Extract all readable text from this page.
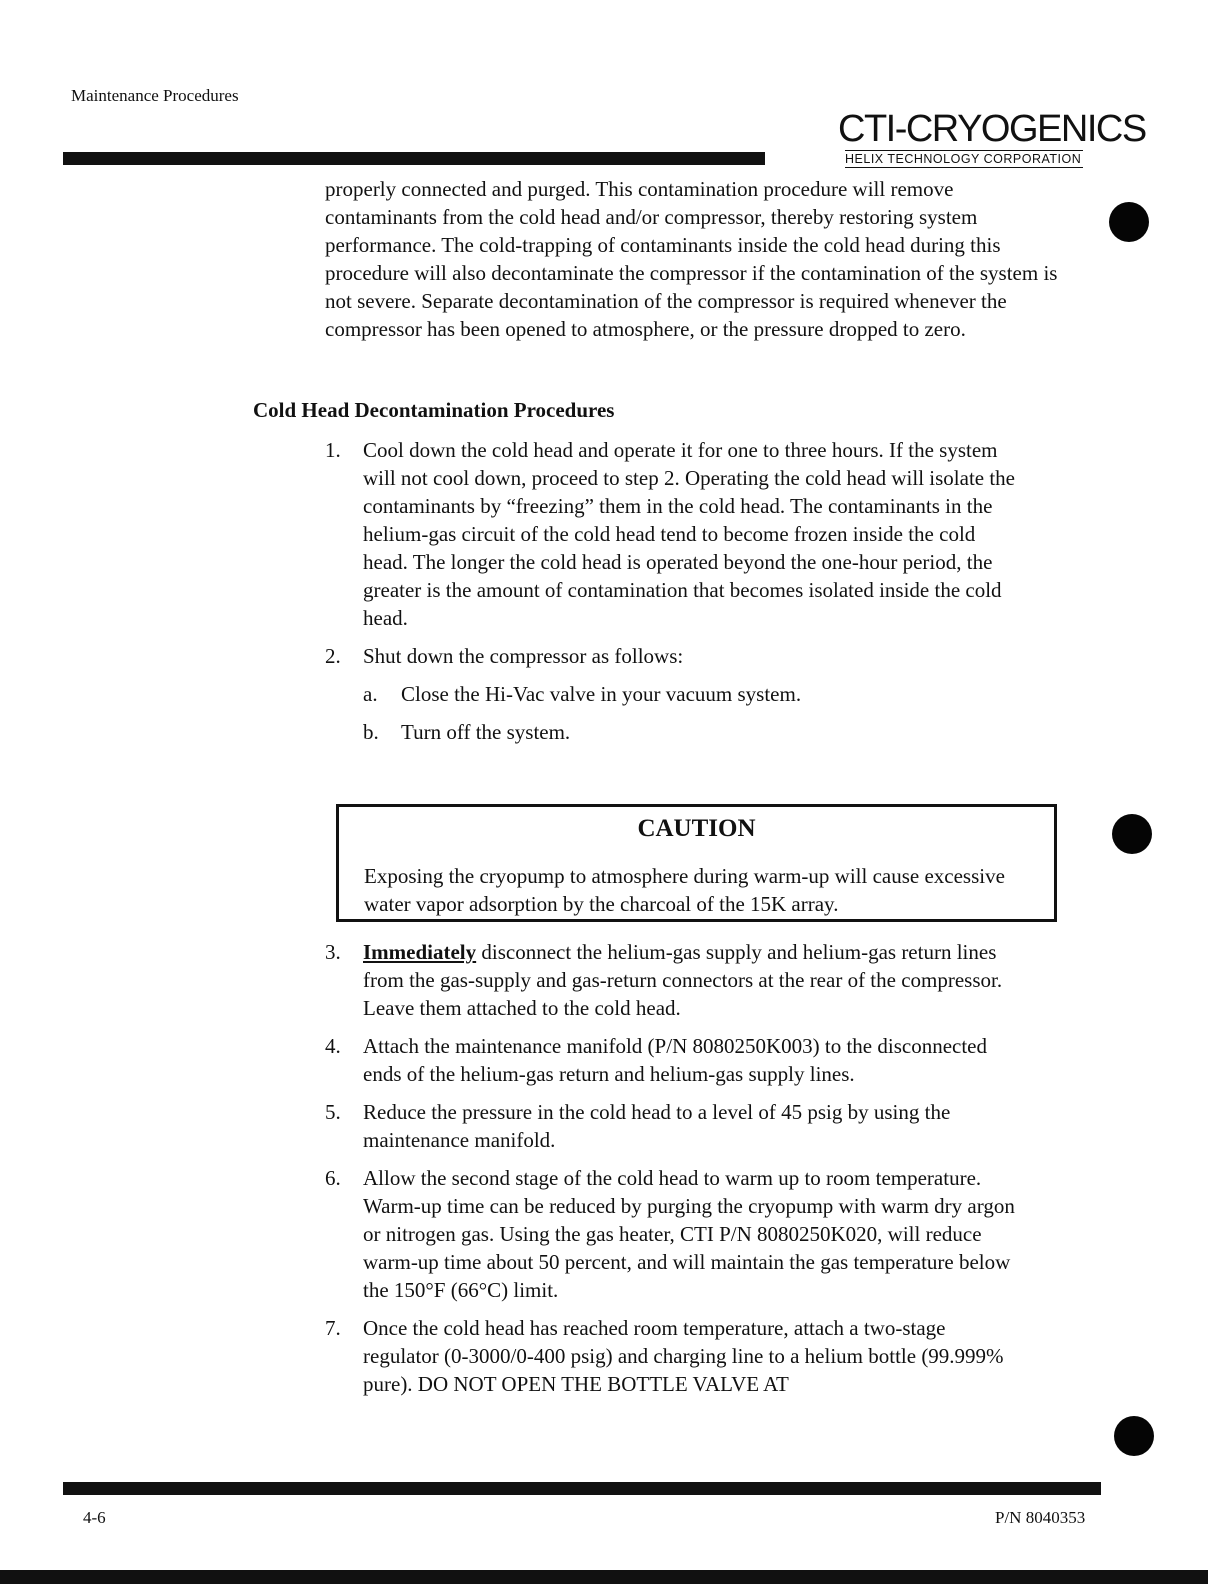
Maintenance Procedures
CTI-CRYOGENICS
HELIX TECHNOLOGY CORPORATION
properly connected and purged. This contamination procedure will remove contaminants from the cold head and/or compressor, thereby restoring system performance. The cold-trapping of contaminants inside the cold head during this procedure will also decontaminate the compressor if the contamination of the system is not severe. Separate decontamination of the compressor is required whenever the compressor has been opened to atmosphere, or the pressure dropped to zero.
Cold Head Decontamination Procedures
1. Cool down the cold head and operate it for one to three hours. If the system will not cool down, proceed to step 2. Operating the cold head will isolate the contaminants by “freezing” them in the cold head. The contaminants in the helium-gas circuit of the cold head tend to become frozen inside the cold head. The longer the cold head is operated beyond the one-hour period, the greater is the amount of contamination that becomes isolated inside the cold head.
2. Shut down the compressor as follows:
a. Close the Hi-Vac valve in your vacuum system.
b. Turn off the system.
CAUTION
Exposing the cryopump to atmosphere during warm-up will cause excessive water vapor adsorption by the charcoal of the 15K array.
3. Immediately disconnect the helium-gas supply and helium-gas return lines from the gas-supply and gas-return connectors at the rear of the compressor. Leave them attached to the cold head.
4. Attach the maintenance manifold (P/N 8080250K003) to the disconnected ends of the helium-gas return and helium-gas supply lines.
5. Reduce the pressure in the cold head to a level of 45 psig by using the maintenance manifold.
6. Allow the second stage of the cold head to warm up to room temperature. Warm-up time can be reduced by purging the cryopump with warm dry argon or nitrogen gas. Using the gas heater, CTI P/N 8080250K020, will reduce warm-up time about 50 percent, and will maintain the gas temperature below the 150°F (66°C) limit.
7. Once the cold head has reached room temperature, attach a two-stage regulator (0-3000/0-400 psig) and charging line to a helium bottle (99.999% pure). DO NOT OPEN THE BOTTLE VALVE AT
4-6	P/N 8040353
